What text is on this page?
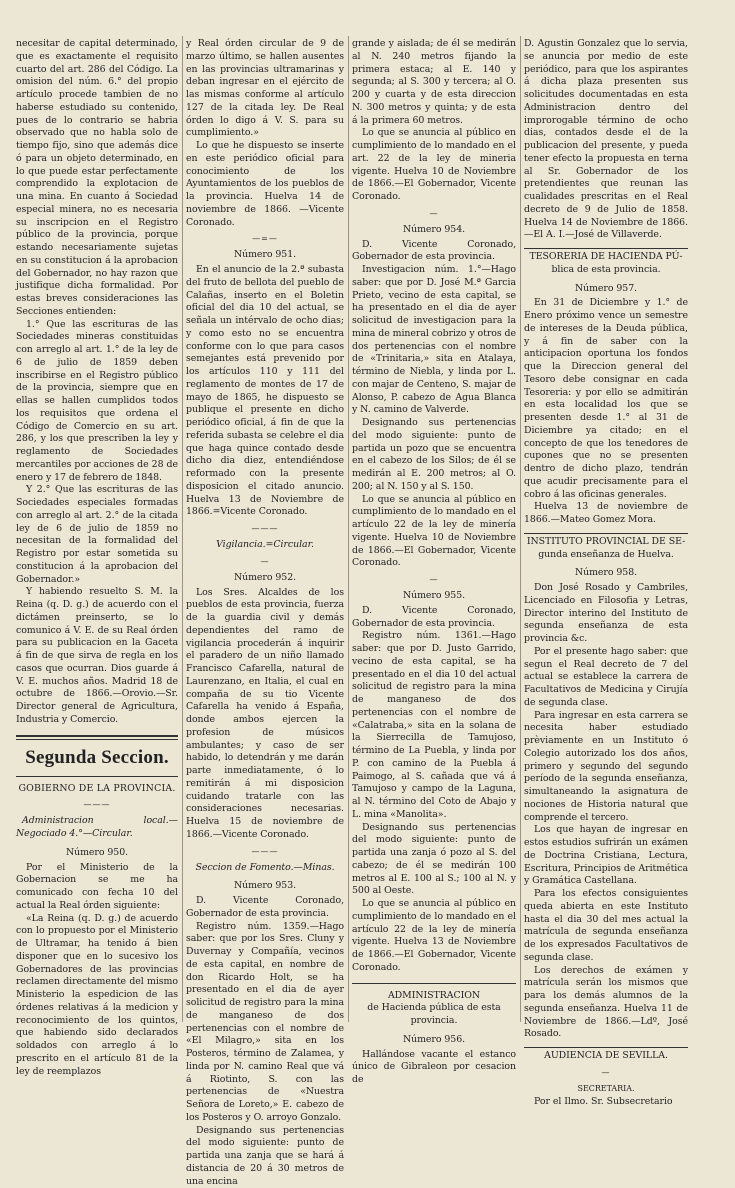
necesitar de capital determinado, que es exactamente el requisito cuarto del art. 286 del Código. La omision del núm. 6.° del propio artículo procede tambien de no haberse estudiado su contenido, pues de lo contrario se habria observado que no habla solo de tiempo fijo, sino que además dice ó para un objeto determinado, en lo que puede estar perfectamente comprendido la explotacion de una mina. En cuanto á Sociedad especial minera, no es necesaria su inscripcion en el Registro público de la provincia, porque estando necesariamente sujetas en su constitucion á la aprobacion del Gobernador, no hay razon que justifique dicha formalidad. Por estas breves consideraciones las Secciones entienden:

1.° Que las escrituras de las Sociedades mineras constituidas con arreglo al art. 1.° de la ley de 6 de julio de 1859 deben inscribirse en el Registro público de la provincia, siempre que en ellas se hallen cumplidos todos los requisitos que ordena el Código de Comercio en su art. 286, y los que prescriben la ley y reglamento de Sociedades mercantiles por acciones de 28 de enero y 17 de febrero de 1848.

Y 2.° Que las escrituras de las Sociedades especiales formadas con arreglo al art. 2.° de la citada ley de 6 de julio de 1859 no necesitan de la formalidad del Registro por estar sometida su constitucion á la aprobacion del Gobernador.»

Y habiendo resuelto S. M. la Reina (q. D. g.) de acuerdo con el dictámen preinserto, se lo comunico á V. E. de su Real órden para su publicacion en la Gaceta á fin de que sirva de regla en los casos que ocurran. Dios guarde á V. E. muchos años. Madrid 18 de octubre de 1866.—Orovio.—Sr. Director general de Agricultura, Industria y Comercio.

Segunda Seccion.
GOBIERNO DE LA PROVINCIA.
———

Administracion local.—Negociado 4.°—Circular.

Número 950.

Por el Ministerio de la Gobernacion se me ha comunicado con fecha 10 del actual la Real órden siguiente:

«La Reina (q. D. g.) de acuerdo con lo propuesto por el Ministerio de Ultramar, ha tenido á bien disponer que en lo sucesivo los Gobernadores de las provincias reclamen directamente del mismo Ministerio la espedicion de las órdenes relativas á la medicion y reconocimiento de los quintos, que habiendo sido declarados soldados con arreglo á lo prescrito en el artículo 81 de la ley de reemplazos

y Real órden circular de 9 de marzo último, se hallen ausentes en las provincias ultramarinas y deban ingresar en el ejército de las mismas conforme al artículo 127 de la citada ley. De Real órden lo digo á V. S. para su cumplimiento.»

Lo que he dispuesto se inserte en este periódico oficial para conocimiento de los Ayuntamientos de los pueblos de la provincia. Huelva 14 de noviembre de 1866. —Vicente Coronado.

—=—
Número 951.

En el anuncio de la 2.ª subasta del fruto de bellota del pueblo de Calañas, inserto en el Boletin oficial del dia 10 del actual, se señala un intérvalo de ocho dias; y como esto no se encuentra conforme con lo que para casos semejantes está prevenido por los artículos 110 y 111 del reglamento de montes de 17 de mayo de 1865, he dispuesto se publique el presente en dicho periódico oficial, á fin de que la referida subasta se celebre el dia que haga quince contado desde dicho dia diez, entendiéndose reformado con la presente disposicion el citado anuncio. Huelva 13 de Noviembre de 1866.=Vicente Coronado.

———
Vigilancia.=Circular.
—
Número 952.

Los Sres. Alcaldes de los pueblos de esta provincia, fuerza de la guardia civil y demás dependientes del ramo de vigilancia procederán á inquirir el paradero de un niño llamado Francisco Cafarella, natural de Laurenzano, en Italia, el cual en compaña de su tio Vicente Cafarella ha venido á España, donde ambos ejercen la profesion de músicos ambulantes; y caso de ser habido, lo detendrán y me darán parte inmediatamente, ó lo remitirán á mi disposicion cuidando tratarle con las consideraciones necesarias. Huelva 15 de noviembre de 1866.—Vicente Coronado.

———
Seccion de Fomento.—Minas.
Número 953.

D. Vicente Coronado, Gobernador de esta provincia.

Registro núm. 1359.—Hago saber: que por los Sres. Cluny y Duvernay y Compañía, vecinos de esta capital, en nombre de don Ricardo Holt, se ha presentado en el dia de ayer solicitud de registro para la mina de manganeso de dos pertenencias con el nombre de «El Milagro,» sita en los Posteros, término de Zalamea, y linda por N. camino Real que vá á Riotinto, S. con las pertenencias de «Nuestra Señora de Loreto,» E. cabezo de los Posteros y O. arroyo Gonzalo.

Designando sus pertenencias del modo siguiente: punto de partida una zanja que se hará á distancia de 20 á 30 metros de una encina

grande y aislada; de él se medirán al N. 240 metros fijando la primera estaca; al E. 140 y segunda; al S. 300 y tercera; al O. 200 y cuarta y de esta direccion N. 300 metros y quinta; y de esta á la primera 60 metros.

Lo que se anuncia al público en cumplimiento de lo mandado en el art. 22 de la ley de mineria vigente. Huelva 10 de Noviembre de 1866.—El Gobernador, Vicente Coronado.

—
Número 954.

D. Vicente Coronado, Gobernador de esta provincia.

Investigacion núm. 1.°—Hago saber: que por D. José M.ª Garcia Prieto, vecino de esta capital, se ha presentado en el dia de ayer solicitud de investigacion para la mina de mineral cobrizo y otros de dos pertenencias con el nombre de «Trinitaria,» sita en Atalaya, término de Niebla, y linda por L. con majar de Centeno, S. majar de Alonso, P. cabezo de Agua Blanca y N. camino de Valverde.

Designando sus pertenencias del modo siguiente: punto de partida un pozo que se encuentra en el cabezo de los Silos; de él se medirán al E. 200 metros; al O. 200; al N. 150 y al S. 150.

Lo que se anuncia al público en cumplimiento de lo mandado en el artículo 22 de la ley de minería vigente. Huelva 10 de Noviembre de 1866.—El Gobernador, Vicente Coronado.

—
Número 955.

D. Vicente Coronado, Gobernador de esta provincia.

Registro núm. 1361.—Hago saber: que por D. Justo Garrido, vecino de esta capital, se ha presentado en el dia 10 del actual solicitud de registro para la mina de manganeso de dos pertenencias con el nombre de «Calatraba,» sita en la solana de la Sierrecilla de Tamujoso, término de La Puebla, y linda por P. con camino de la Puebla á Paimogo, al S. cañada que vá á Tamujoso y campo de la Laguna, al N. término del Coto de Abajo y L. mina «Manolita».

Designando sus pertenencias del modo siguiente: punto de partida una zanja ó pozo al S. del cabezo; de él se medirán 100 metros al E. 100 al S.; 100 al N. y 500 al Oeste.

Lo que se anuncia al público en cumplimiento de lo mandado en el artículo 22 de la ley de minería vigente. Huelva 13 de Noviembre de 1866.—El Gobernador, Vicente Coronado.

ADMINISTRACION
de Hacienda pública de esta provincia.
Número 956.

Hallándose vacante el estanco único de Gibraleon por cesacion de

D. Agustin Gonzalez que lo servia, se anuncia por medio de este periódico, para que los aspirantes á dicha plaza presenten sus solicitudes documentadas en esta Administracion dentro del improrogable término de ocho dias, contados desde el de la publicacion del presente, y pueda tener efecto la propuesta en terna al Sr. Gobernador de los pretendientes que reunan las cualidades prescritas en el Real decreto de 9 de Julio de 1858. Huelva 14 de Noviembre de 1866.—El A. I.—José de Villaverde.

TESORERIA DE HACIENDA PÚ-
blica de esta provincia.
Número 957.

En 31 de Diciembre y 1.° de Enero próximo vence un semestre de intereses de la Deuda pública, y á fin de saber con la anticipacion oportuna los fondos que la Direccion general del Tesoro debe consignar en cada Tesoreria: y por ello se admitirán en esta localidad los que se presenten desde 1.° al 31 de Diciembre ya citado; en el concepto de que los tenedores de cupones que no se presenten dentro de dicho plazo, tendrán que acudir precisamente para el cobro á las oficinas generales.

Huelva 13 de noviembre de 1866.—Mateo Gomez Mora.

INSTITUTO PROVINCIAL DE SE-
gunda enseñanza de Huelva.
Número 958.

Don José Rosado y Cambriles, Licenciado en Filosofia y Letras, Director interino del Instituto de segunda enseñanza de esta provincia &c.

Por el presente hago saber: que segun el Real decreto de 7 del actual se establece la carrera de Facultativos de Medicina y Cirujía de segunda clase.

Para ingresar en esta carrera se necesita haber estudiado prèviamente en un Instituto ó Colegio autorizado los dos años, primero y segundo del segundo período de la segunda enseñanza, simultaneando la asignatura de nociones de Historia natural que comprende el tercero.

Los que hayan de ingresar en estos estudios sufrirán un exámen de Doctrina Cristiana, Lectura, Escritura, Principios de Aritmética y Gramática Castellana.

Para los efectos consiguientes queda abierta en este Instituto hasta el dia 30 del mes actual la matrícula de segunda enseñanza de los expresados Facultativos de segunda clase.

Los derechos de exámen y matrícula serán los mismos que para los demás alumnos de la segunda enseñanza. Huelva 11 de Noviembre de 1866.—Ldº, José Rosado.

AUDIENCIA DE SEVILLA.
—
SECRETARIA.

Por el Ilmo. Sr. Subsecretario
